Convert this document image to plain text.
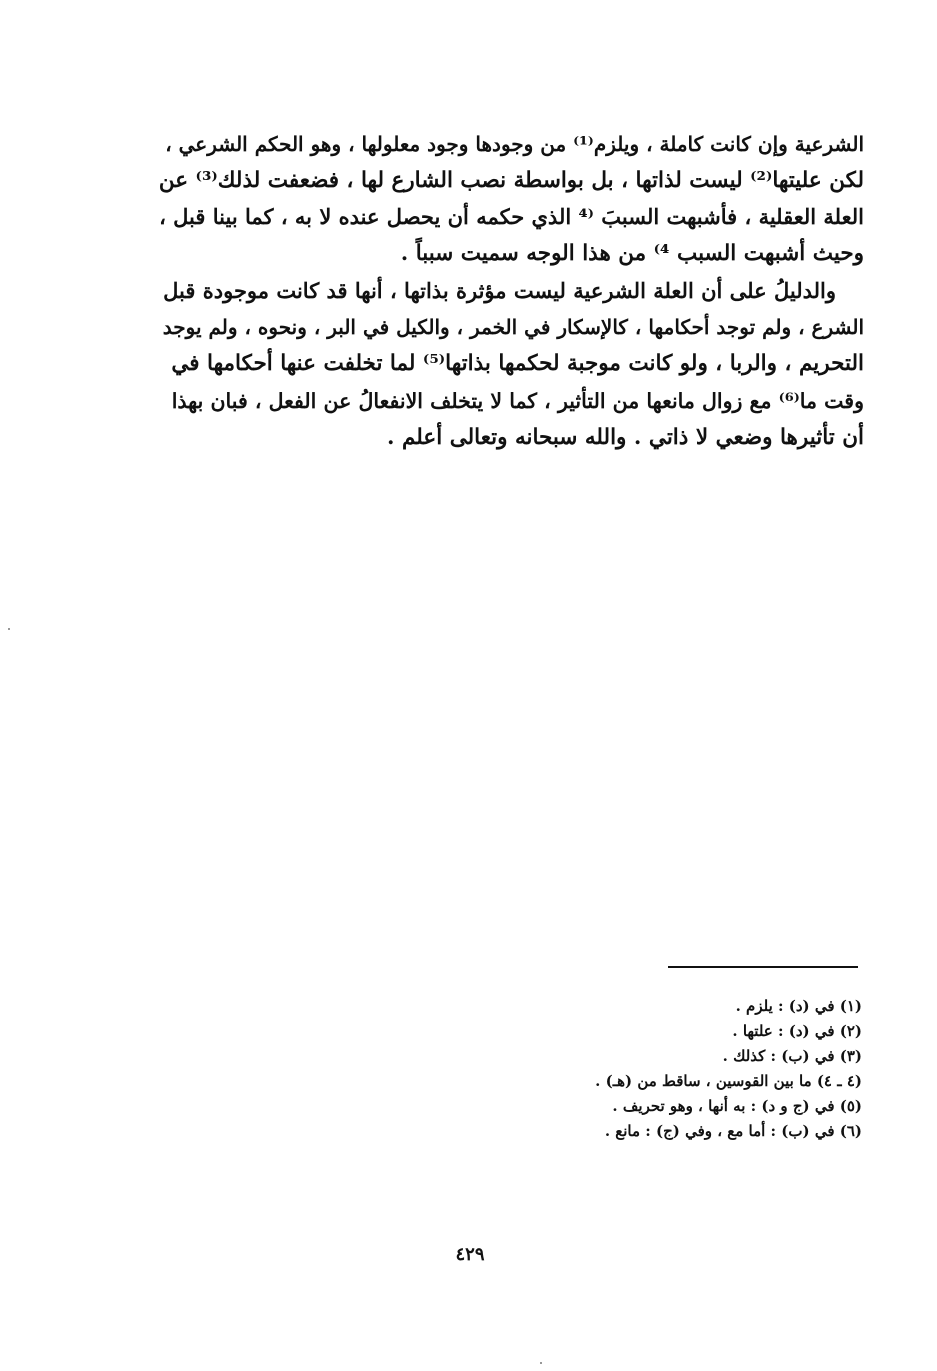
الشرعية وإن كانت كاملة ، ويلزم⁽¹⁾ من وجودها وجود معلولها ، وهو الحكم الشرعي ،
لكن عليتها⁽²⁾ ليست لذاتها ، بل بواسطة نصب الشارع لها ، فضعفت لذلك⁽³⁾ عن
العلة العقلية ، فأشبهت السببَ ⁽⁴ الذي حكمه أن يحصل عنده لا به ، كما بينا قبل ،
وحيث أشبهت السبب ⁴⁾ من هذا الوجه سميت سبباً .
والدليلُ على أن العلة الشرعية ليست مؤثرة بذاتها ، أنها قد كانت موجودة قبل
الشرع ، ولم توجد أحكامها ، كالإسكار في الخمر ، والكيل في البر ، ونحوه ، ولم يوجد
التحريم ، والربا ، ولو كانت موجبة لحكمها بذاتها⁽⁵⁾ لما تخلفت عنها أحكامها في
وقت ما⁽⁶⁾ مع زوال مانعها من التأثير ، كما لا يتخلف الانفعالُ عن الفعل ، فبان بهذا
أن تأثيرها وضعي لا ذاتي . والله سبحانه وتعالى أعلم .
(١) في (د) : يلزم .
(٢) في (د) : علتها .
(٣) في (ب) : كذلك .
(٤ ـ ٤) ما بين القوسين ، ساقط من (هـ) .
(٥) في (ج و د) : به أنها ، وهو تحريف .
(٦) في (ب) : أما مع ، وفي (ج) : مانع .
٤٢٩
